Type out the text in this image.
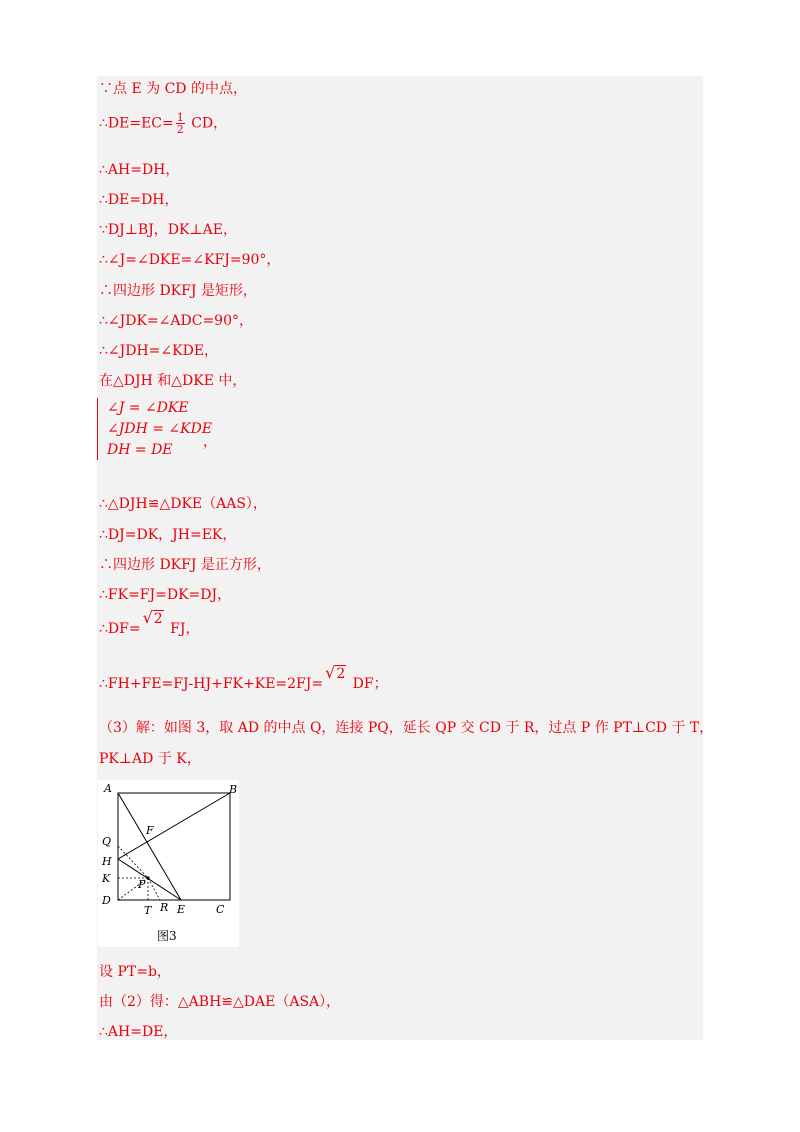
∵点 E 为 CD 的中点，
∴DE=EC= $\frac{1}{2}$ CD，
∴AH=DH，
∴DE=DH，
∵DJ⊥BJ，DK⊥AE，
∴∠J=∠DKE=∠KFJ=90°，
∴四边形 DKFJ 是矩形，
∴∠JDK=∠ADC=90°，
∴∠JDH=∠KDE，
在△DJH 和△DKE 中，
∠J = ∠DKE
∠JDH = ∠KDE
DH = DE	，
∴△DJH≌△DKE（AAS），
∴DJ=DK，JH=EK，
∴四边形 DKFJ 是正方形，
∴FK=FJ=DK=DJ，
∴DF=√2 FJ，
∴FH+FE=FJ-HJ+FK+KE=2FJ=√2 DF；
（3）解：如图 3，取 AD 的中点 Q，连接 PQ，延长 QP 交 CD 于 R，过点 P 作 PT⊥CD 于 T，
PK⊥AD 于 K，
A	B
C
D
E
F
H
K	P
Q
R
T
图3
设 PT=b，
由（2）得：△ABH≌△DAE（ASA），
∴AH=DE，
